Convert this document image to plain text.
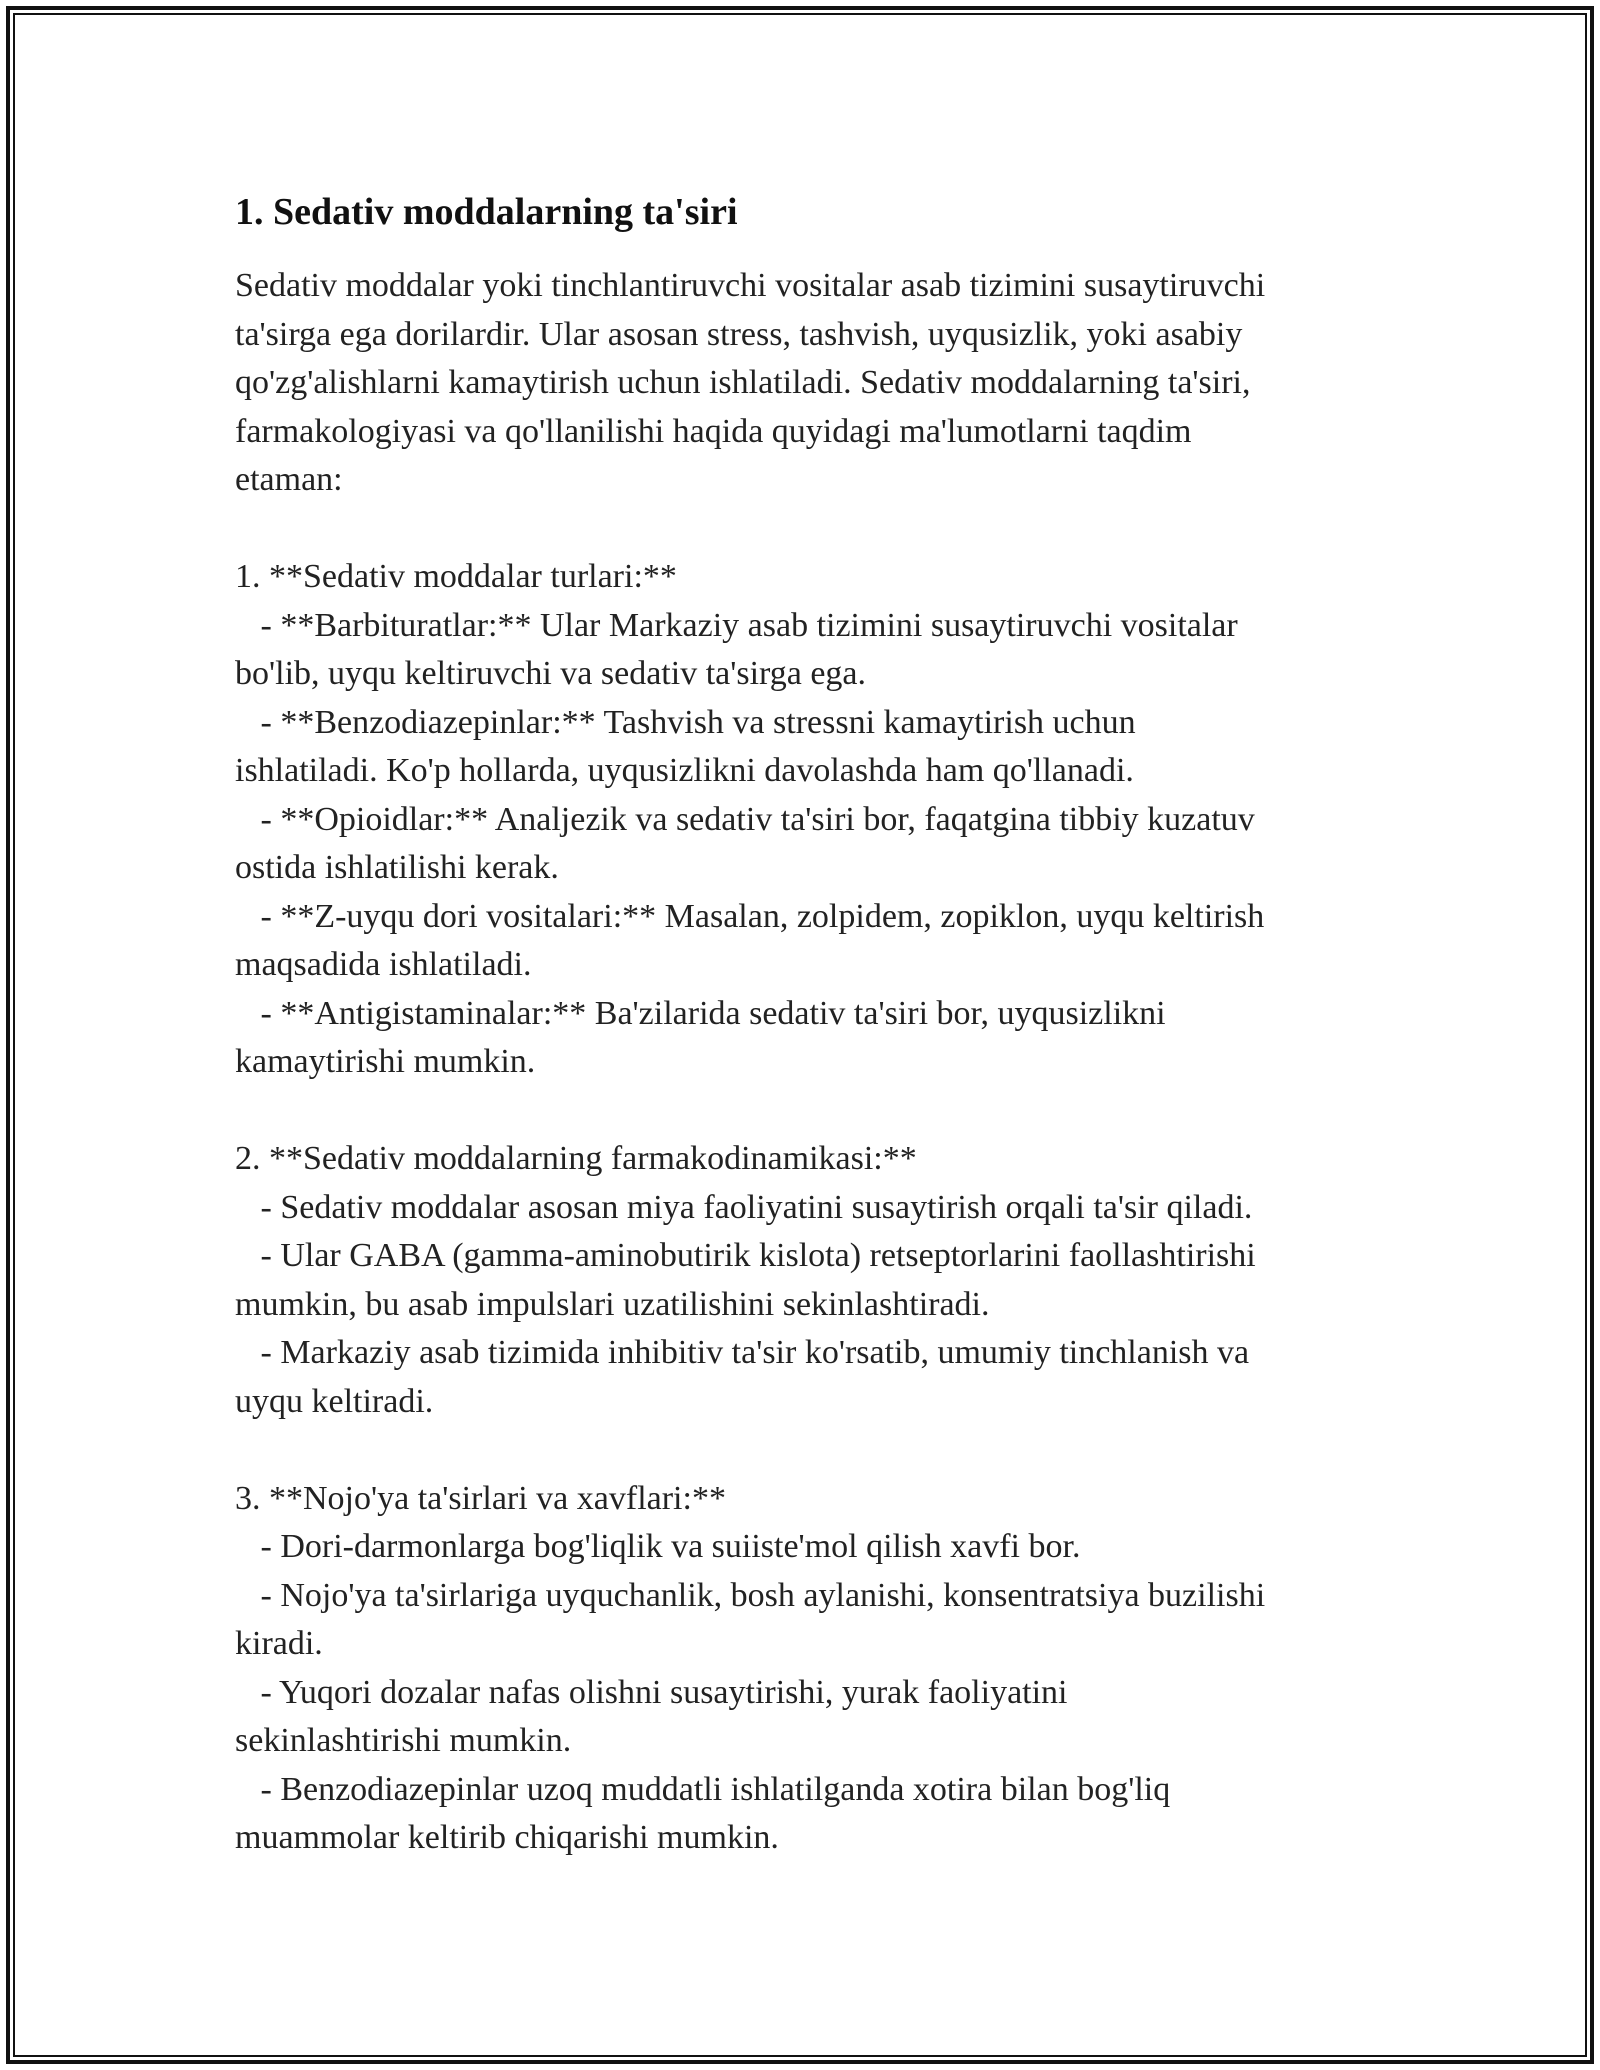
1. Sedativ moddalarning ta'siri

Sedativ moddalar yoki tinchlantiruvchi vositalar asab tizimini susaytiruvchi
ta'sirga ega dorilardir. Ular asosan stress, tashvish, uyqusizlik, yoki asabiy
qo'zg'alishlarni kamaytirish uchun ishlatiladi. Sedativ moddalarning ta'siri,
farmakologiyasi va qo'llanilishi haqida quyidagi ma'lumotlarni taqdim
etaman:

1. **Sedativ moddalar turlari:**
- **Barbituratlar:** Ular Markaziy asab tizimini susaytiruvchi vositalar
bo'lib, uyqu keltiruvchi va sedativ ta'sirga ega.
- **Benzodiazepinlar:** Tashvish va stressni kamaytirish uchun
ishlatiladi. Ko'p hollarda, uyqusizlikni davolashda ham qo'llanadi.
- **Opioidlar:** Analjezik va sedativ ta'siri bor, faqatgina tibbiy kuzatuv
ostida ishlatilishi kerak.
- **Z-uyqu dori vositalari:** Masalan, zolpidem, zopiklon, uyqu keltirish
maqsadida ishlatiladi.
- **Antigistaminalar:** Ba'zilarida sedativ ta'siri bor, uyqusizlikni
kamaytirishi mumkin.

2. **Sedativ moddalarning farmakodinamikasi:**
- Sedativ moddalar asosan miya faoliyatini susaytirish orqali ta'sir qiladi.
- Ular GABA (gamma-aminobutirik kislota) retseptorlarini faollashtirishi
mumkin, bu asab impulslari uzatilishini sekinlashtiradi.
- Markaziy asab tizimida inhibitiv ta'sir ko'rsatib, umumiy tinchlanish va
uyqu keltiradi.

3. **Nojo'ya ta'sirlari va xavflari:**
- Dori-darmonlarga bog'liqlik va suiiste'mol qilish xavfi bor.
- Nojo'ya ta'sirlariga uyquchanlik, bosh aylanishi, konsentratsiya buzilishi
kiradi.
- Yuqori dozalar nafas olishni susaytirishi, yurak faoliyatini
sekinlashtirishi mumkin.
- Benzodiazepinlar uzoq muddatli ishlatilganda xotira bilan bog'liq
muammolar keltirib chiqarishi mumkin.
